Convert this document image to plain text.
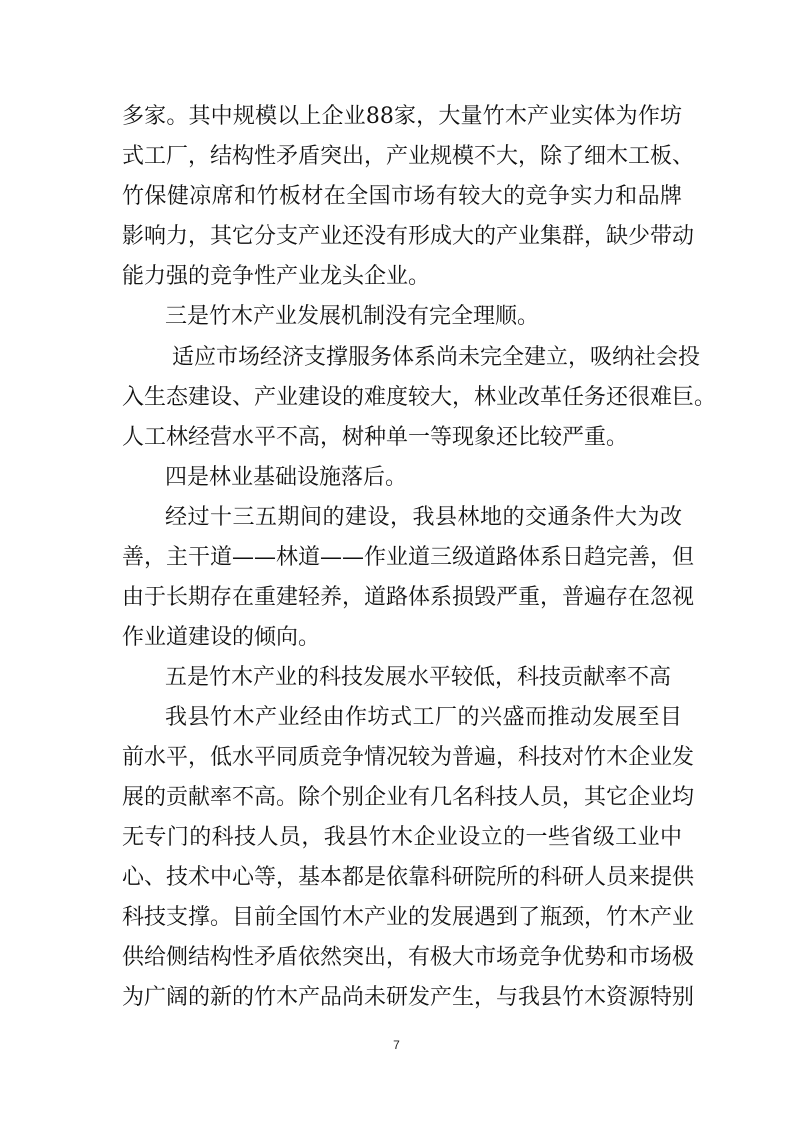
多家。其中规模以上企业88家，大量竹木产业实体为作坊
式工厂，结构性矛盾突出，产业规模不大，除了细木工板、
竹保健凉席和竹板材在全国市场有较大的竞争实力和品牌
影响力，其它分支产业还没有形成大的产业集群，缺少带动
能力强的竞争性产业龙头企业。
三是竹木产业发展机制没有完全理顺。
适应市场经济支撑服务体系尚未完全建立，吸纳社会投
入生态建设、产业建设的难度较大，林业改革任务还很难巨。
人工林经营水平不高，树种单一等现象还比较严重。
四是林业基础设施落后。
经过十三五期间的建设，我县林地的交通条件大为改
善，主干道——林道——作业道三级道路体系日趋完善，但
由于长期存在重建轻养，道路体系损毁严重，普遍存在忽视
作业道建设的倾向。
五是竹木产业的科技发展水平较低，科技贡献率不高
我县竹木产业经由作坊式工厂的兴盛而推动发展至目
前水平，低水平同质竞争情况较为普遍，科技对竹木企业发
展的贡献率不高。除个别企业有几名科技人员，其它企业均
无专门的科技人员，我县竹木企业设立的一些省级工业中
心、技术中心等，基本都是依靠科研院所的科研人员来提供
科技支撑。目前全国竹木产业的发展遇到了瓶颈，竹木产业
供给侧结构性矛盾依然突出，有极大市场竞争优势和市场极
为广阔的新的竹木产品尚未研发产生，与我县竹木资源特别
7
